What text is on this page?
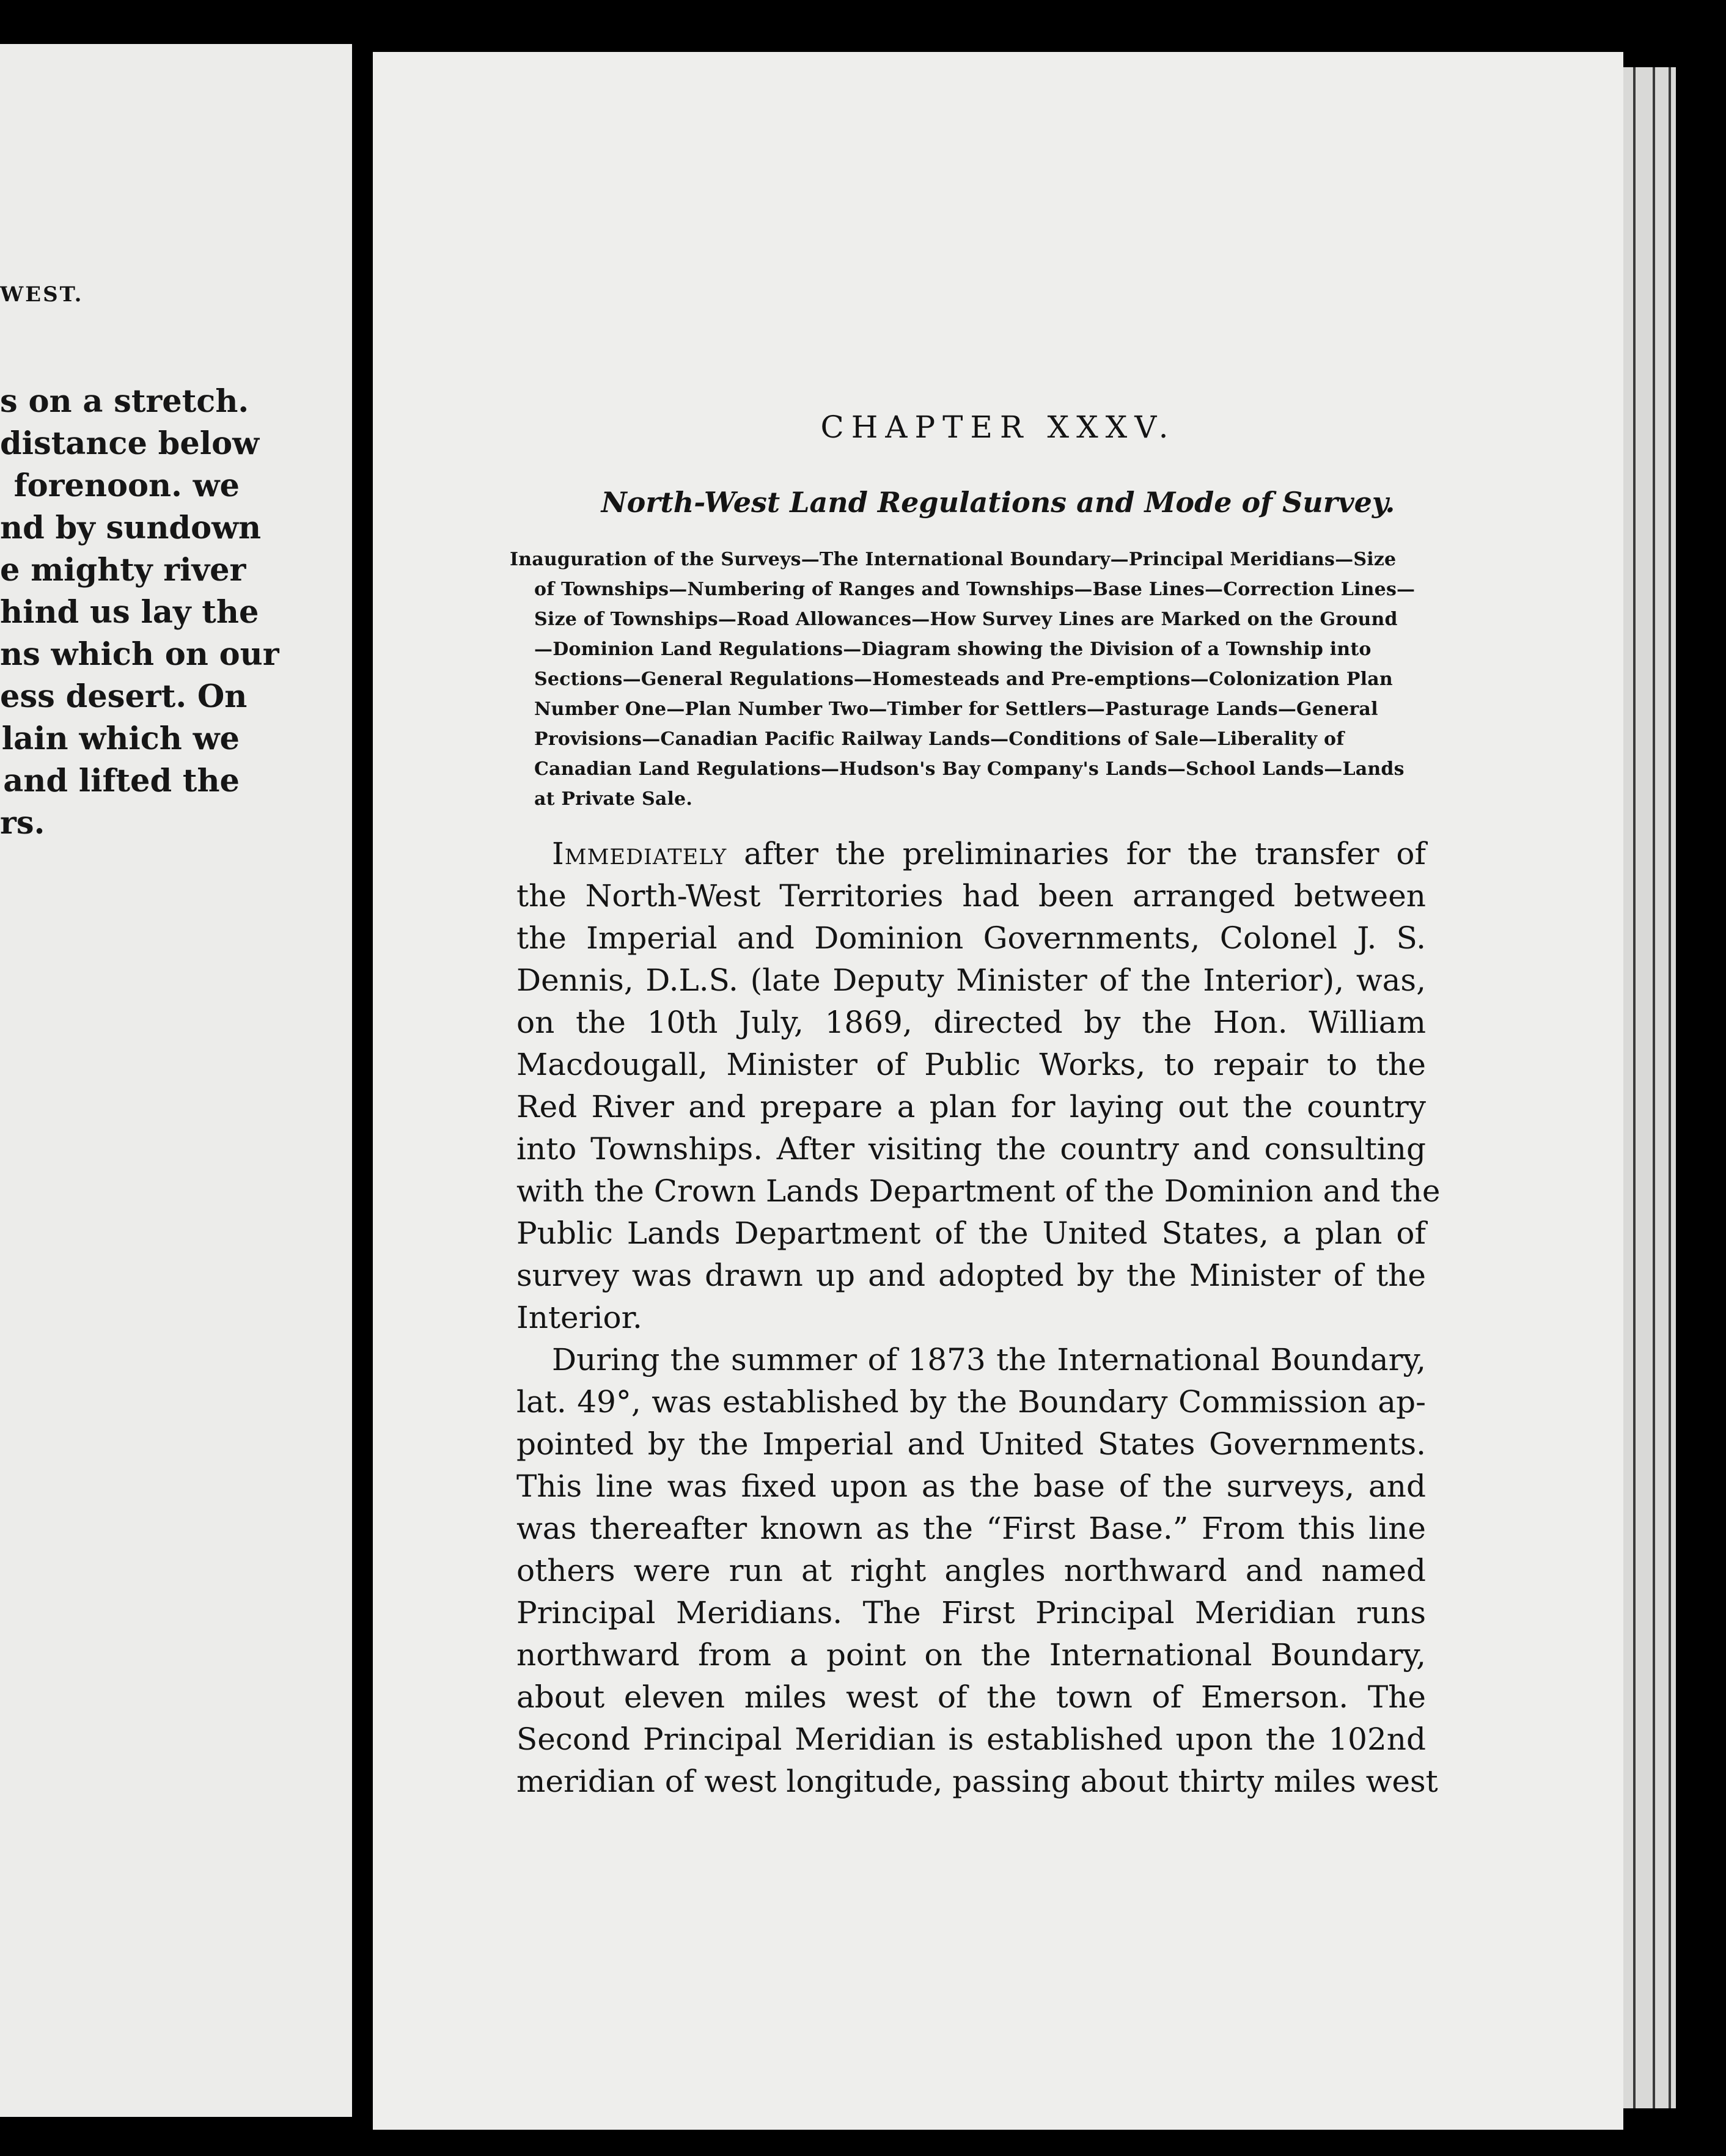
WEST.
s on a stretch.
distance below
forenoon. we
nd by sundown
e mighty river
hind us lay the
ns which on our
ess desert. On
lain which we
and lifted the
rs.
CHAPTER XXXV.
North-West Land Regulations and Mode of Survey.
Inauguration of the Surveys—The International Boundary—Principal Meridians—Size
of Townships—Numbering of Ranges and Townships—Base Lines—Correction Lines—
Size of Townships—Road Allowances—How Survey Lines are Marked on the Ground
—Dominion Land Regulations—Diagram showing the Division of a Township into
Sections—General Regulations—Homesteads and Pre-emptions—Colonization Plan
Number One—Plan Number Two—Timber for Settlers—Pasturage Lands—General
Provisions—Canadian Pacific Railway Lands—Conditions of Sale—Liberality of
Canadian Land Regulations—Hudson's Bay Company's Lands—School Lands—Lands
at Private Sale.
Immediately after the preliminaries for the transfer of
the North-West Territories had been arranged between
the Imperial and Dominion Governments, Colonel J. S.
Dennis, D.L.S. (late Deputy Minister of the Interior), was,
on the 10th July, 1869, directed by the Hon. William
Macdougall, Minister of Public Works, to repair to the
Red River and prepare a plan for laying out the country
into Townships. After visiting the country and consulting
with the Crown Lands Department of the Dominion and the
Public Lands Department of the United States, a plan of
survey was drawn up and adopted by the Minister of the
Interior.
During the summer of 1873 the International Boundary,
lat. 49°, was established by the Boundary Commission ap-
pointed by the Imperial and United States Governments.
This line was fixed upon as the base of the surveys, and
was thereafter known as the “First Base.” From this line
others were run at right angles northward and named
Principal Meridians. The First Principal Meridian runs
northward from a point on the International Boundary,
about eleven miles west of the town of Emerson. The
Second Principal Meridian is established upon the 102nd
meridian of west longitude, passing about thirty miles west
